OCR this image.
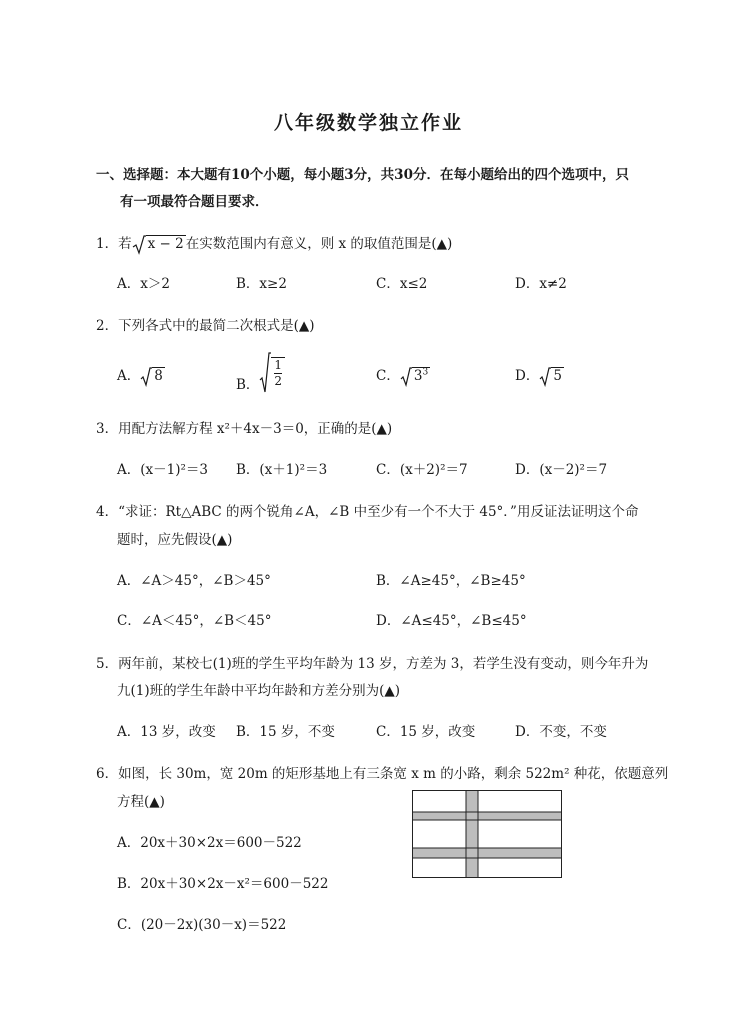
八年级数学独立作业
一、选择题：本大题有10个小题，每小题3分，共30分．在每小题给出的四个选项中，只
有一项最符合题目要求．
1．若 x − 2 在实数范围内有意义，则 x 的取值范围是(▲)
A．x＞2	B．x≥2	C．x≤2	D．x≠2
2．下列各式中的最简二次根式是(▲)
A． 8
B． $\frac{1}{2}$	C． $3^3$	D． 5
3．用配方法解方程 x²＋4x－3＝0，正确的是(▲)
A．(x－1)²＝3 B．(x＋1)²＝3	C．(x＋2)²＝7	D．(x－2)²＝7
4．“求证：Rt△ABC 的两个锐角∠A，∠B 中至少有一个不大于 45°．”用反证法证明这个命
题时，应先假设(▲)
A．∠A＞45°，∠B＞45°	B．∠A≥45°，∠B≥45°
C．∠A＜45°，∠B＜45°	D．∠A≤45°，∠B≤45°
5．两年前，某校七(1)班的学生平均年龄为 13 岁，方差为 3，若学生没有变动，则今年升为
九(1)班的学生年龄中平均年龄和方差分别为(▲)
A．13 岁，改变 B．15 岁，不变	C．15 岁，改变	D．不变，不变
6．如图，长 30m，宽 20m 的矩形基地上有三条宽 x m 的小路，剩余 522m² 种花，依题意列
方程(▲)
A．20x＋30×2x＝600－522
B．20x＋30×2x－x²＝600－522
C．(20－2x)(30－x)＝522
